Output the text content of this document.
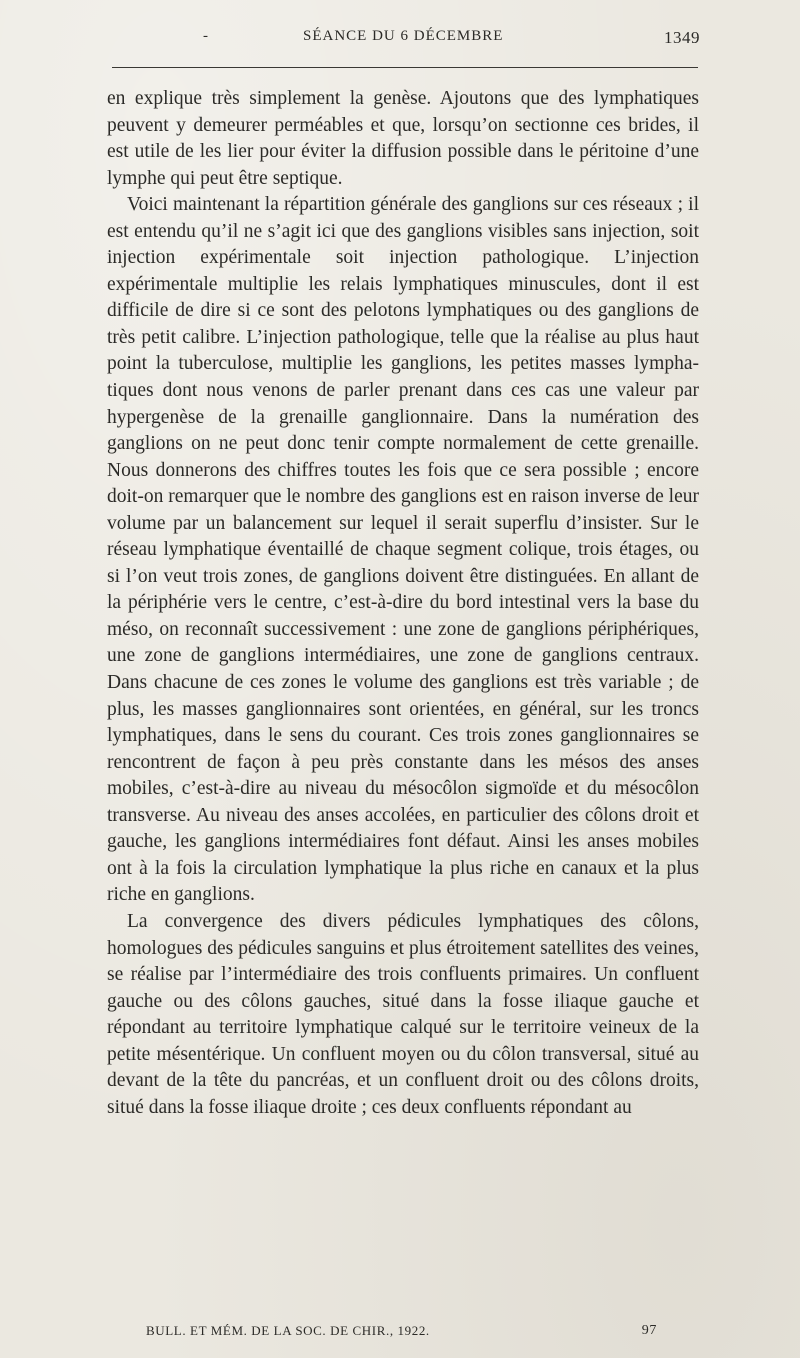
-	SÉANCE DU 6 DÉCEMBRE	1349

en explique très simplement la genèse. Ajoutons que des lymphatiques peuvent y demeurer perméables et que, lorsqu’on sectionne ces brides, il est utile de les lier pour éviter la diffusion possible dans le péritoine d’une lymphe qui peut être septique.

Voici maintenant la répartition générale des ganglions sur ces réseaux ; il est entendu qu’il ne s’agit ici que des ganglions visibles sans injection, soit injection expérimentale soit injection pathologique. L’injection expérimentale multiplie les relais lymphatiques minuscules, dont il est difficile de dire si ce sont des pelotons lymphatiques ou des ganglions de très petit calibre. L’injection pathologique, telle que la réalise au plus haut point la tuberculose, multiplie les ganglions, les petites masses lymphatiques dont nous venons de parler prenant dans ces cas une valeur par hypergenèse de la grenaille ganglionnaire. Dans la numération des ganglions on ne peut donc tenir compte normalement de cette grenaille. Nous donnerons des chiffres toutes les fois que ce sera possible ; encore doit-on remarquer que le nombre des ganglions est en raison inverse de leur volume par un balancement sur lequel il serait superflu d’insister. Sur le réseau lymphatique éventaillé de chaque segment colique, trois étages, ou si l’on veut trois zones, de ganglions doivent être distinguées. En allant de la périphérie vers le centre, c’est-à-dire du bord intestinal vers la base du méso, on reconnaît successivement : une zone de ganglions périphériques, une zone de ganglions intermédiaires, une zone de ganglions centraux. Dans chacune de ces zones le volume des ganglions est très variable ; de plus, les masses ganglionnaires sont orientées, en général, sur les troncs lymphatiques, dans le sens du courant. Ces trois zones ganglionnaires se rencontrent de façon à peu près constante dans les mésos des anses mobiles, c’est-à-dire au niveau du mésocôlon sigmoïde et du mésocôlon transverse. Au niveau des anses accolées, en particulier des côlons droit et gauche, les ganglions intermédiaires font défaut. Ainsi les anses mobiles ont à la fois la circulation lymphatique la plus riche en canaux et la plus riche en ganglions.

La convergence des divers pédicules lymphatiques des côlons, homologues des pédicules sanguins et plus étroitement satellites des veines, se réalise par l’intermédiaire des trois confluents primaires. Un confluent gauche ou des côlons gauches, situé dans la fosse iliaque gauche et répondant au territoire lymphatique calqué sur le territoire veineux de la petite mésentérique. Un confluent moyen ou du côlon transversal, situé au devant de la tête du pancréas, et un confluent droit ou des côlons droits, situé dans la fosse iliaque droite ; ces deux confluents répondant au

BULL. ET MÉM. DE LA SOC. DE CHIR., 1922.	97
